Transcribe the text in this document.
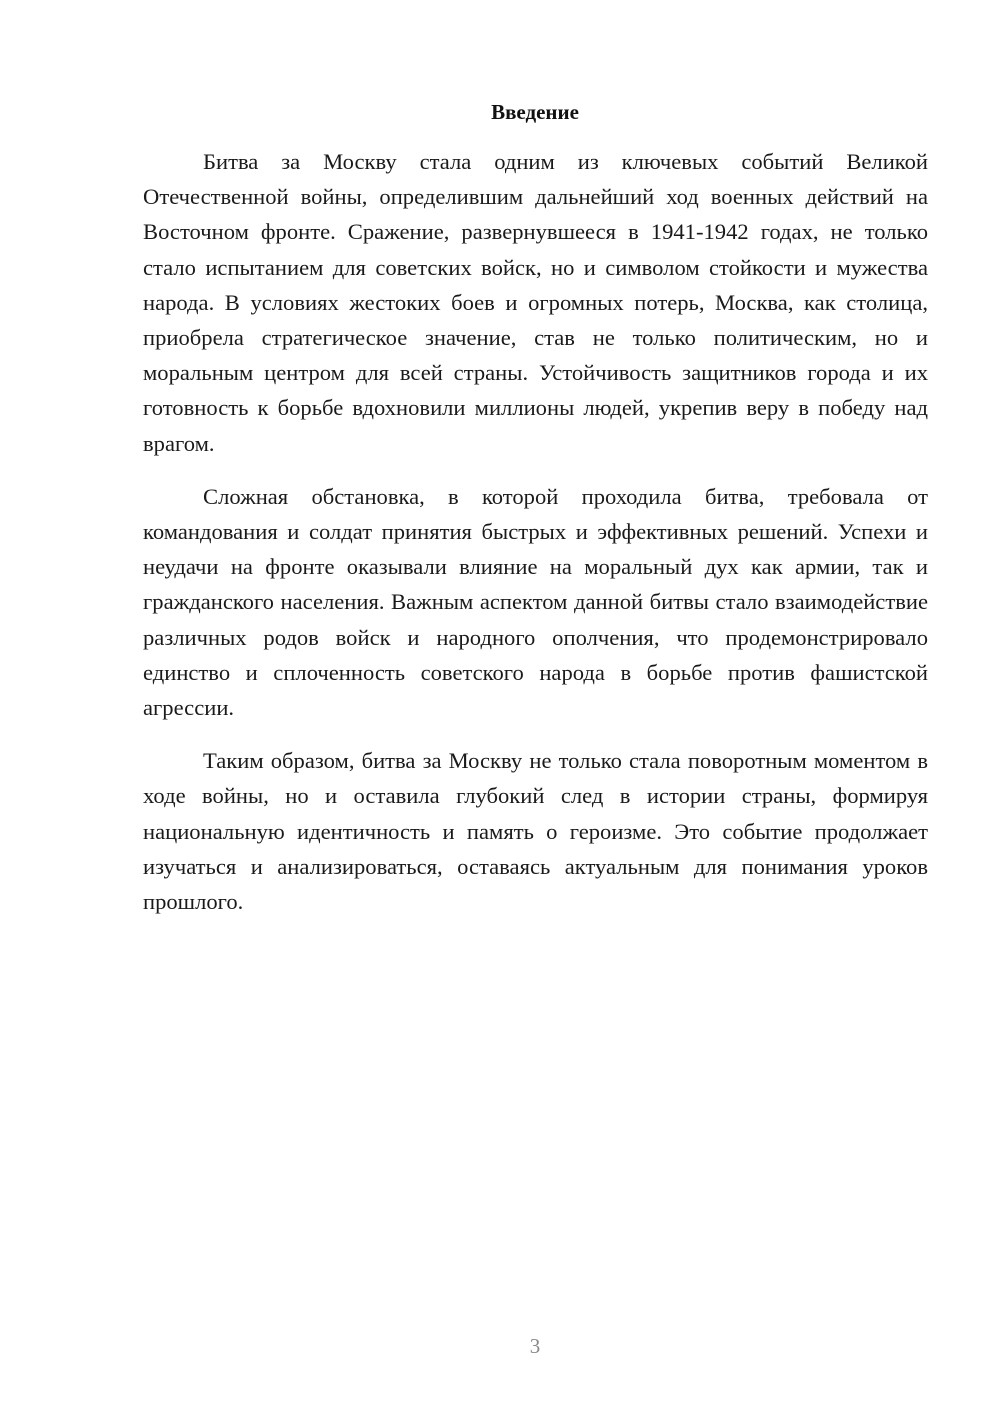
Введение

Битва за Москву стала одним из ключевых событий Великой Отечественной войны, определившим дальнейший ход военных действий на Восточном фронте. Сражение, развернувшееся в 1941-1942 годах, не только стало испытанием для советских войск, но и символом стойкости и мужества народа. В условиях жестоких боев и огромных потерь, Москва, как столица, приобрела стратегическое значение, став не только политическим, но и моральным центром для всей страны. Устойчивость защитников города и их готовность к борьбе вдохновили миллионы людей, укрепив веру в победу над врагом.

Сложная обстановка, в которой проходила битва, требовала от командования и солдат принятия быстрых и эффективных решений. Успехи и неудачи на фронте оказывали влияние на моральный дух как армии, так и гражданского населения. Важным аспектом данной битвы стало взаимодействие различных родов войск и народного ополчения, что продемонстрировало единство и сплоченность советского народа в борьбе против фашистской агрессии.

Таким образом, битва за Москву не только стала поворотным моментом в ходе войны, но и оставила глубокий след в истории страны, формируя национальную идентичность и память о героизме. Это событие продолжает изучаться и анализироваться, оставаясь актуальным для понимания уроков прошлого.

3
